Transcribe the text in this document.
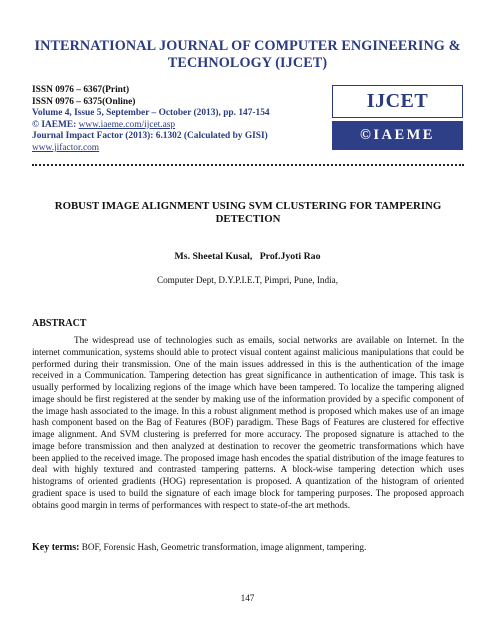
INTERNATIONAL JOURNAL OF COMPUTER ENGINEERING &
TECHNOLOGY (IJCET)
ISSN 0976 – 6367(Print)
ISSN 0976 – 6375(Online)
Volume 4, Issue 5, September – October (2013), pp. 147-154
© IAEME: www.iaeme.com/ijcet.asp
Journal Impact Factor (2013): 6.1302 (Calculated by GISI)
www.jifactor.com
IJCET
©IAEME
ROBUST IMAGE ALIGNMENT USING SVM CLUSTERING FOR TAMPERING
DETECTION
Ms. Sheetal Kusal,   Prof.Jyoti Rao
Computer Dept, D.Y.P.I.E.T, Pimpri, Pune, India,
ABSTRACT
The widespread use of technologies such as emails, social networks are available on Internet. In the internet communication, systems should able to protect visual content against malicious manipulations that could be performed during their transmission. One of the main issues addressed in this is the authentication of the image received in a Communication. Tampering detection has great significance in authentication of image. This task is usually performed by localizing regions of the image which have been tampered. To localize the tampering aligned image should be first registered at the sender by making use of the information provided by a specific component of the image hash associated to the image. In this a robust alignment method is proposed which makes use of an image hash component based on the Bag of Features (BOF) paradigm. These Bags of Features are clustered for effective image alignment. And SVM clustering is preferred for more accuracy. The proposed signature is attached to the image before transmission and then analyzed at destination to recover the geometric transformations which have been applied to the received image. The proposed image hash encodes the spatial distribution of the image features to deal with highly textured and contrasted tampering patterns. A block-wise tampering detection which uses histograms of oriented gradients (HOG) representation is proposed. A quantization of the histogram of oriented gradient space is used to build the signature of each image block for tampering purposes. The proposed approach obtains good margin in terms of performances with respect to state-of-the art methods.
Key terms: BOF, Forensic Hash, Geometric transformation, image alignment, tampering.
147
